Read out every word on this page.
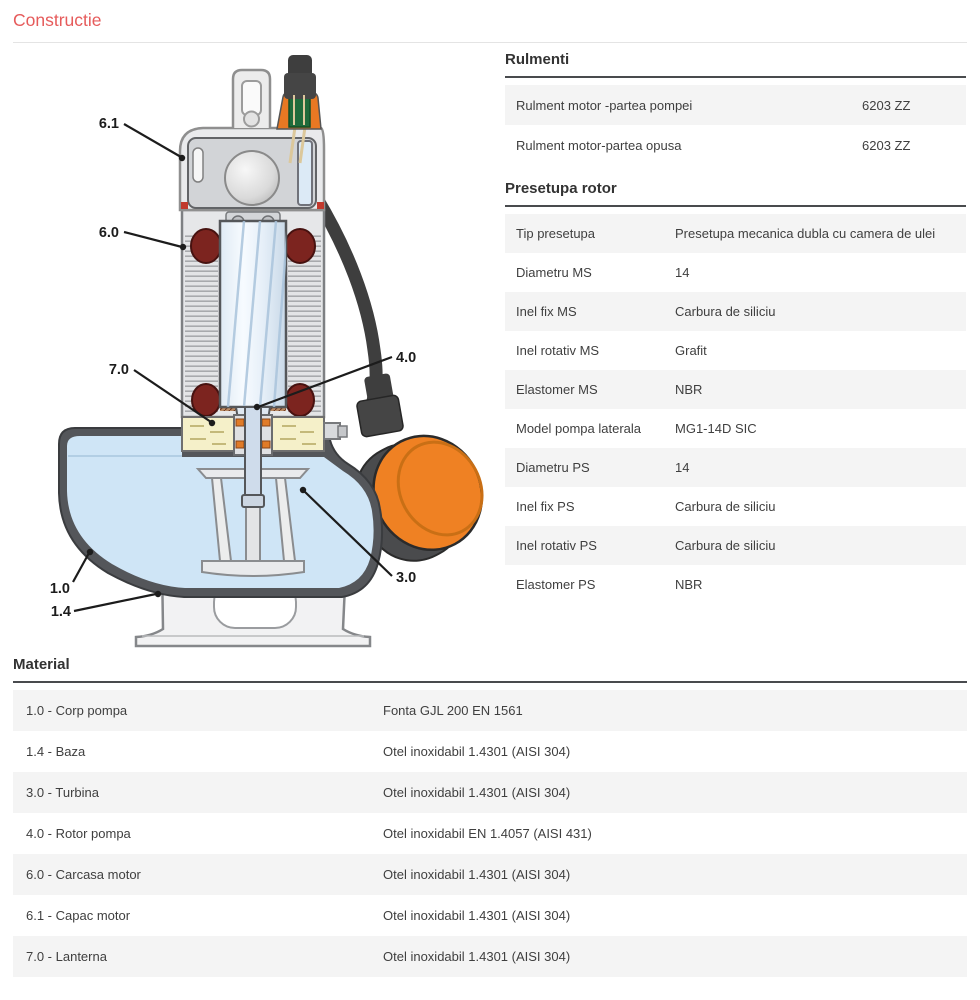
Constructie
6.1
6.0
7.0
4.0
1.0
1.4
3.0
Rulmenti
Rulment motor -partea pompei	6203 ZZ
Rulment motor-partea opusa	6203 ZZ
Presetupa rotor
Tip presetupa	Presetupa mecanica dubla cu camera de ulei
Diametru MS	14
Inel fix MS	Carbura de siliciu
Inel rotativ MS	Grafit
Elastomer MS	NBR
Model pompa laterala	MG1-14D SIC
Diametru PS	14
Inel fix PS	Carbura de siliciu
Inel rotativ PS	Carbura de siliciu
Elastomer PS	NBR
Material
1.0 - Corp pompa	Fonta GJL 200 EN 1561
1.4 - Baza	Otel inoxidabil 1.4301 (AISI 304)
3.0 - Turbina	Otel inoxidabil 1.4301 (AISI 304)
4.0 - Rotor pompa	Otel inoxidabil EN 1.4057 (AISI 431)
6.0 - Carcasa motor	Otel inoxidabil 1.4301 (AISI 304)
6.1 - Capac motor	Otel inoxidabil 1.4301 (AISI 304)
7.0 - Lanterna	Otel inoxidabil 1.4301 (AISI 304)
